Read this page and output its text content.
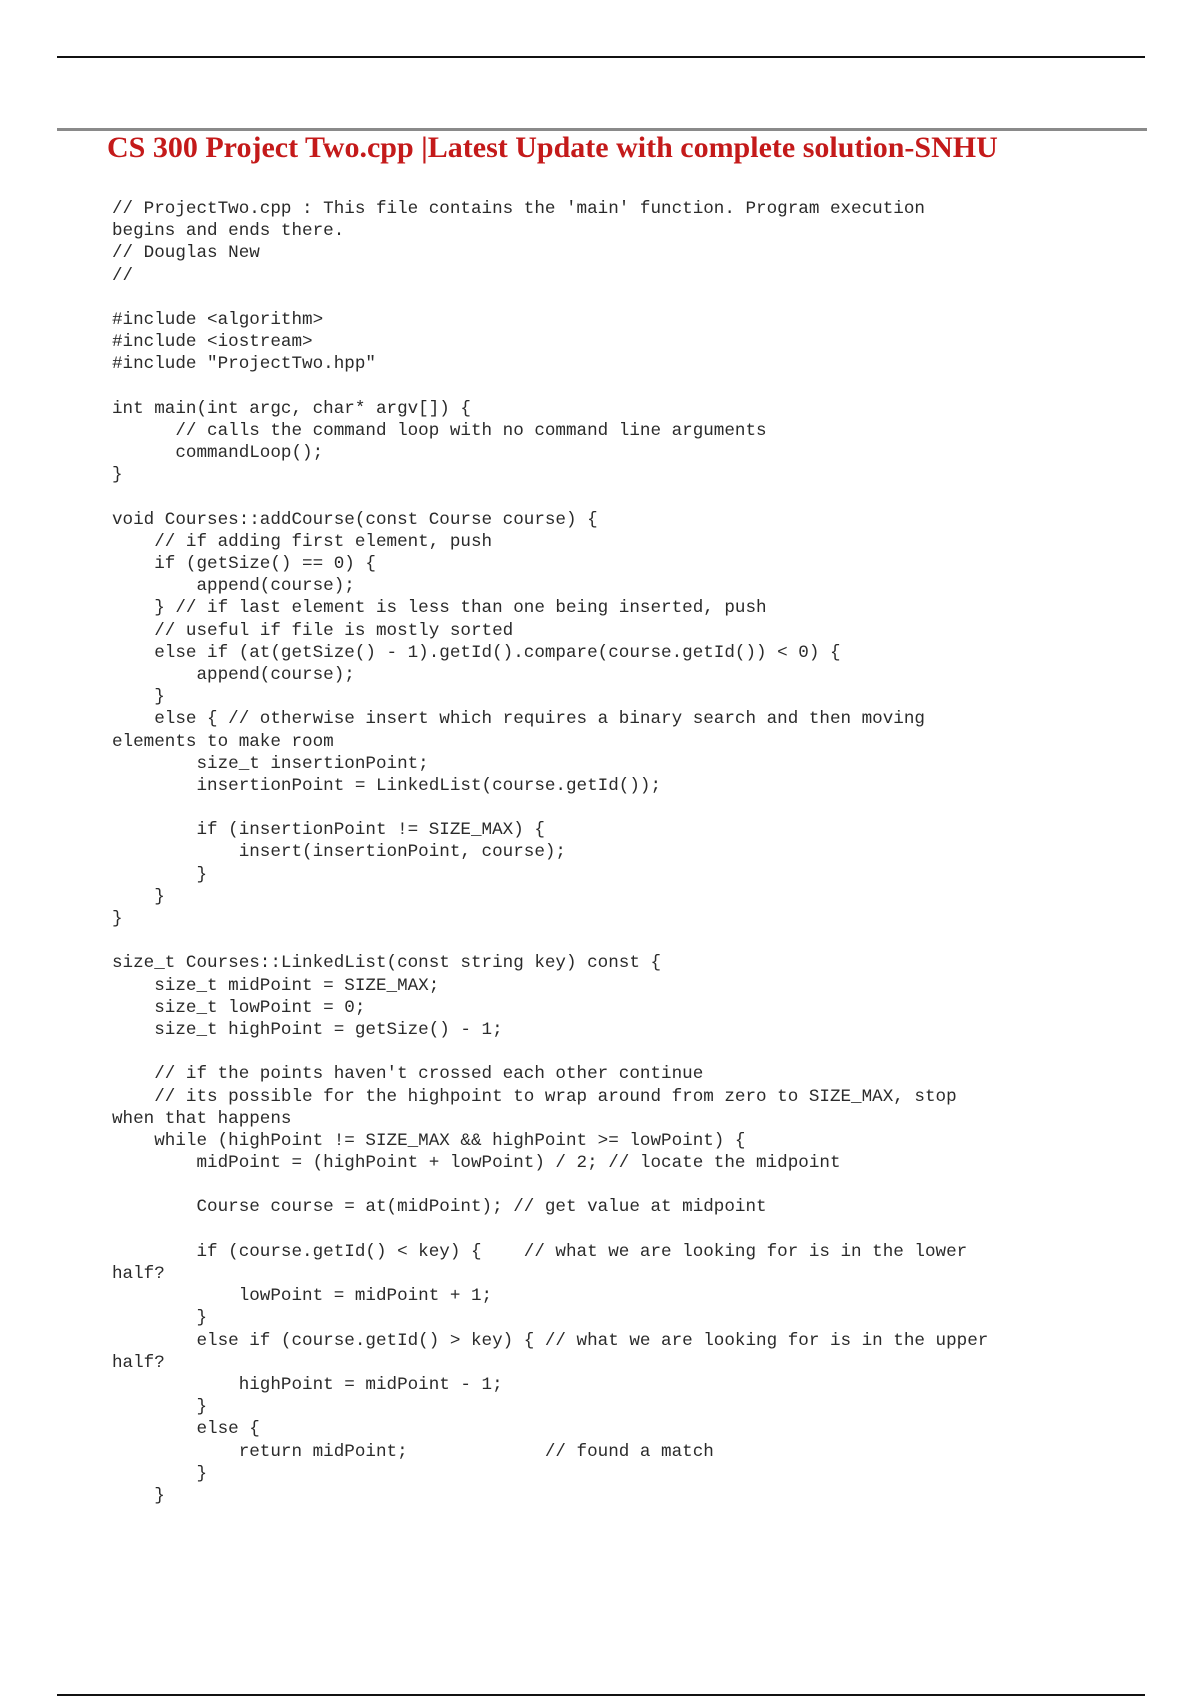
CS 300 Project Two.cpp |Latest Update with complete solution-SNHU
// ProjectTwo.cpp : This file contains the 'main' function. Program execution
begins and ends there.
// Douglas New
//
#include <algorithm>
#include <iostream>
#include "ProjectTwo.hpp"
int main(int argc, char* argv[]) {
// calls the command loop with no command line arguments
commandLoop();
}
void Courses::addCourse(const Course course) {
// if adding first element, push
if (getSize() == 0) {
append(course);
} // if last element is less than one being inserted, push
// useful if file is mostly sorted
else if (at(getSize() - 1).getId().compare(course.getId()) < 0) {
append(course);
}
else { // otherwise insert which requires a binary search and then moving
elements to make room
size_t insertionPoint;
insertionPoint = LinkedList(course.getId());
if (insertionPoint != SIZE_MAX) {
insert(insertionPoint, course);
}
}
}
size_t Courses::LinkedList(const string key) const {
size_t midPoint = SIZE_MAX;
size_t lowPoint = 0;
size_t highPoint = getSize() - 1;
// if the points haven't crossed each other continue
// its possible for the highpoint to wrap around from zero to SIZE_MAX, stop
when that happens
while (highPoint != SIZE_MAX && highPoint >= lowPoint) {
midPoint = (highPoint + lowPoint) / 2; // locate the midpoint
Course course = at(midPoint); // get value at midpoint
if (course.getId() < key) {    // what we are looking for is in the lower
half?
lowPoint = midPoint + 1;
}
else if (course.getId() > key) { // what we are looking for is in the upper
half?
highPoint = midPoint - 1;
}
else {
return midPoint;             // found a match
}
}
